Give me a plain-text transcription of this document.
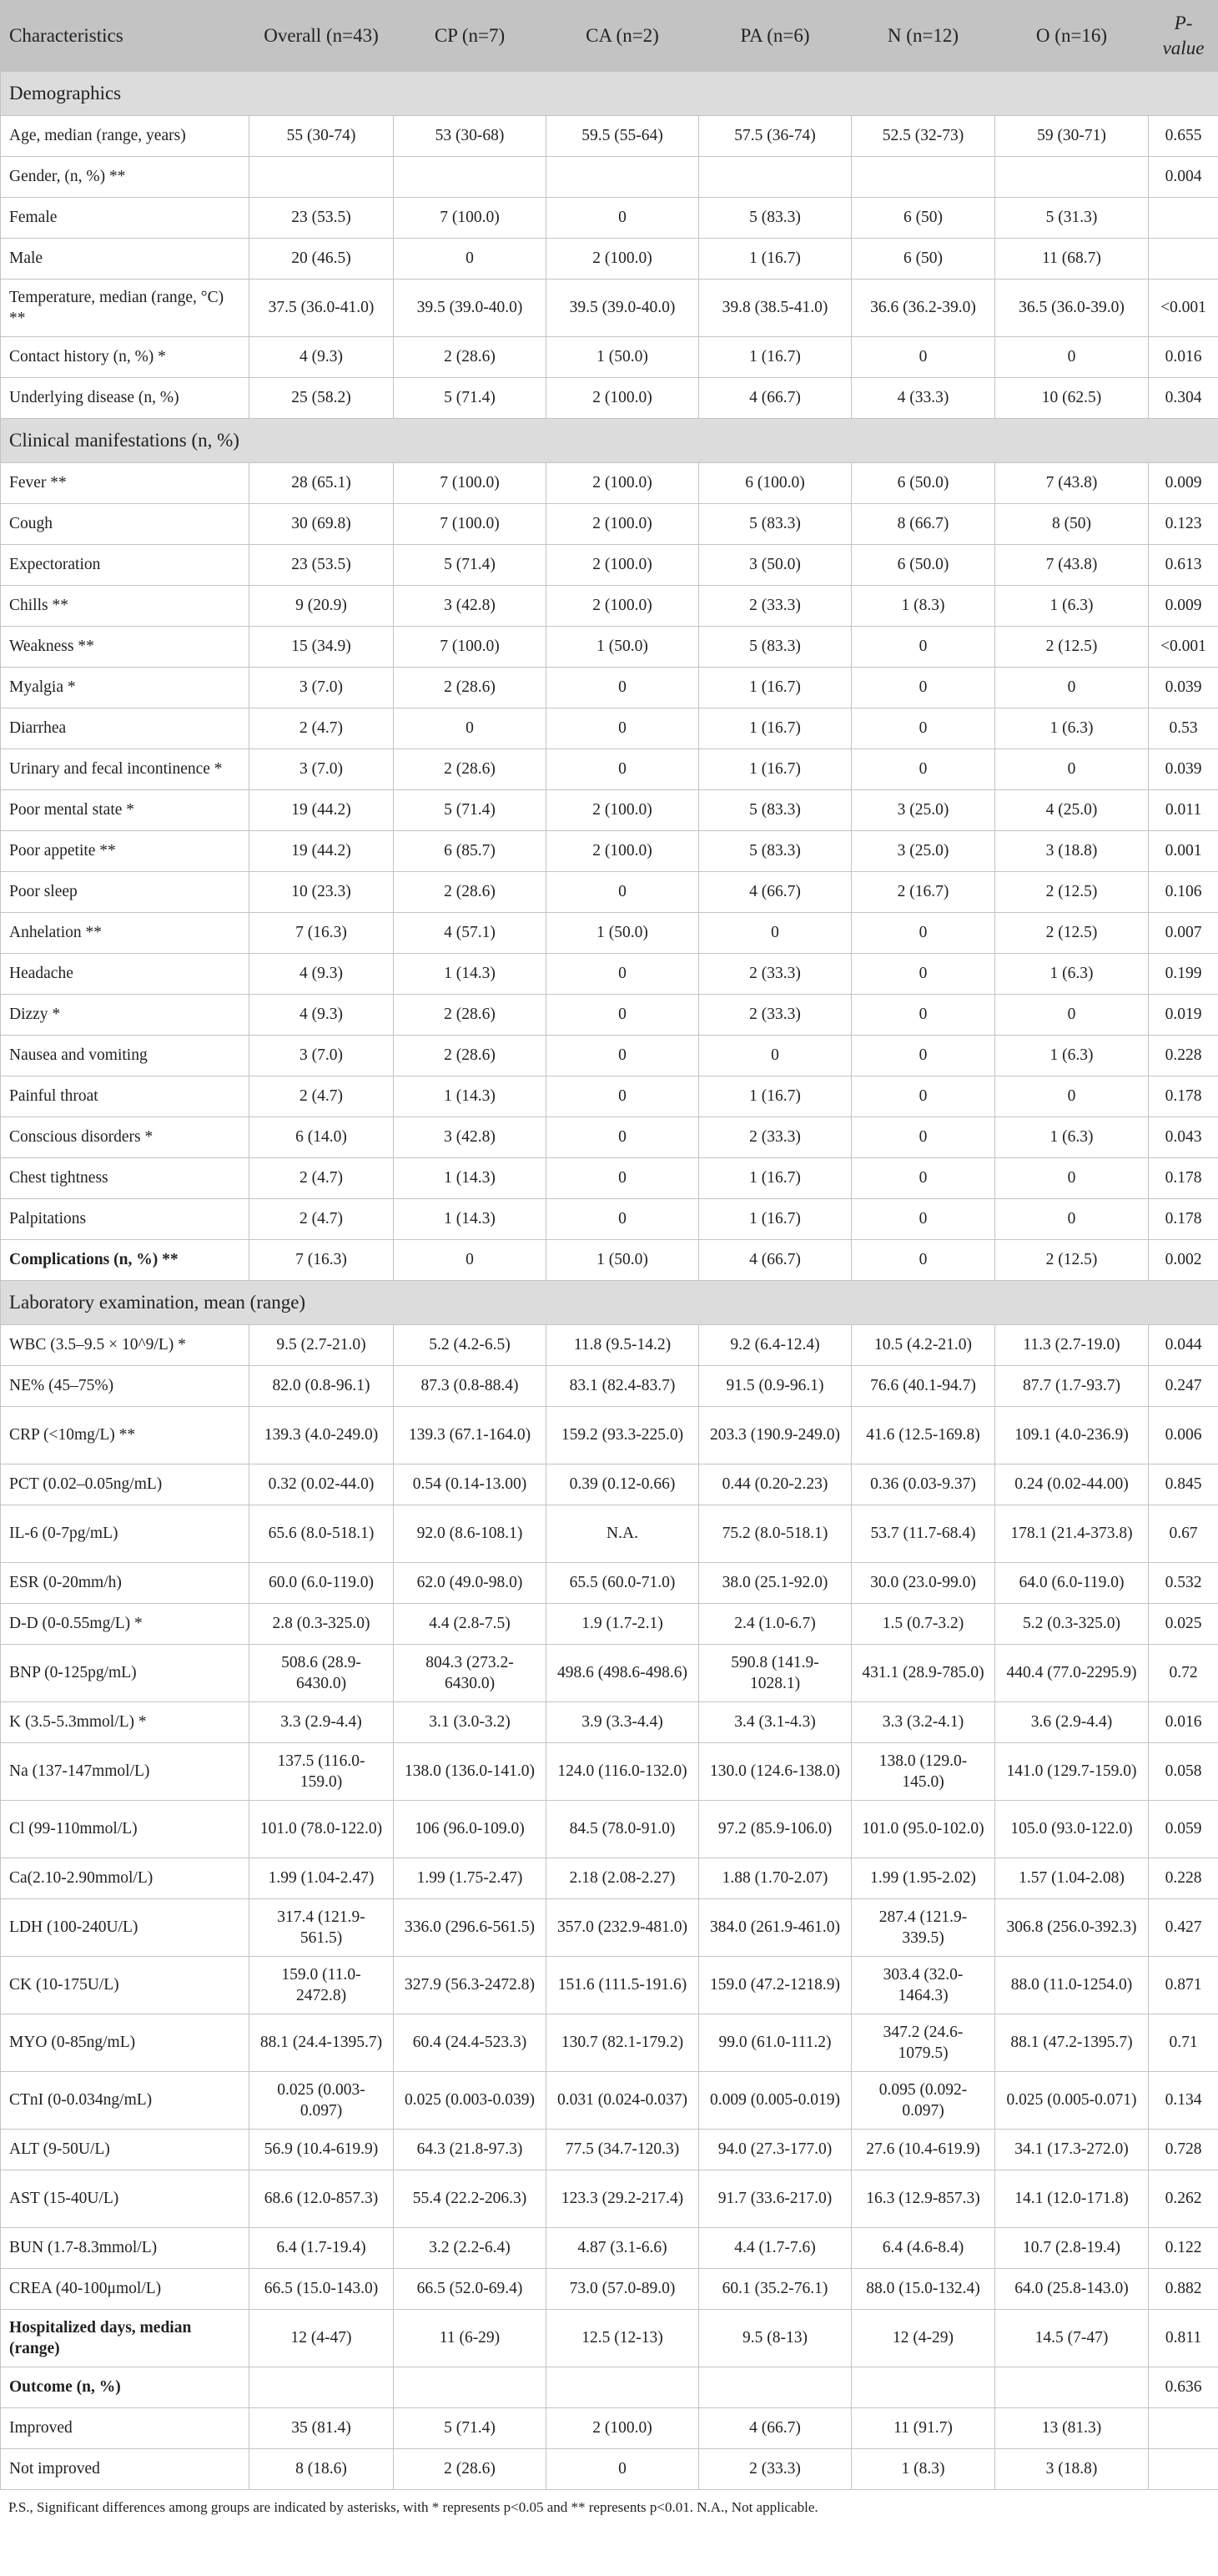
Characteristics	Overall (n=43)	CP (n=7)	CA (n=2)	PA (n=6)	N (n=12)	O (n=16)	P-value
Demographics							
Age, median (range, years)	55 (30-74)	53 (30-68)	59.5 (55-64)	57.5 (36-74)	52.5 (32-73)	59 (30-71)	0.655
Gender, (n, %) **							0.004
Female	23 (53.5)	7 (100.0)	0	5 (83.3)	6 (50)	5 (31.3)	
Male	20 (46.5)	0	2 (100.0)	1 (16.7)	6 (50)	11 (68.7)	
Temperature, median (range, °C) **	37.5 (36.0-41.0)	39.5 (39.0-40.0)	39.5 (39.0-40.0)	39.8 (38.5-41.0)	36.6 (36.2-39.0)	36.5 (36.0-39.0)	<0.001
Contact history (n, %) *	4 (9.3)	2 (28.6)	1 (50.0)	1 (16.7)	0	0	0.016
Underlying disease (n, %)	25 (58.2)	5 (71.4)	2 (100.0)	4 (66.7)	4 (33.3)	10 (62.5)	0.304
Clinical manifestations (n, %)							
Fever **	28 (65.1)	7 (100.0)	2 (100.0)	6 (100.0)	6 (50.0)	7 (43.8)	0.009
Cough	30 (69.8)	7 (100.0)	2 (100.0)	5 (83.3)	8 (66.7)	8 (50)	0.123
Expectoration	23 (53.5)	5 (71.4)	2 (100.0)	3 (50.0)	6 (50.0)	7 (43.8)	0.613
Chills **	9 (20.9)	3 (42.8)	2 (100.0)	2 (33.3)	1 (8.3)	1 (6.3)	0.009
Weakness **	15 (34.9)	7 (100.0)	1 (50.0)	5 (83.3)	0	2 (12.5)	<0.001
Myalgia *	3 (7.0)	2 (28.6)	0	1 (16.7)	0	0	0.039
Diarrhea	2 (4.7)	0	0	1 (16.7)	0	1 (6.3)	0.53
Urinary and fecal incontinence *	3 (7.0)	2 (28.6)	0	1 (16.7)	0	0	0.039
Poor mental state *	19 (44.2)	5 (71.4)	2 (100.0)	5 (83.3)	3 (25.0)	4 (25.0)	0.011
Poor appetite **	19 (44.2)	6 (85.7)	2 (100.0)	5 (83.3)	3 (25.0)	3 (18.8)	0.001
Poor sleep	10 (23.3)	2 (28.6)	0	4 (66.7)	2 (16.7)	2 (12.5)	0.106
Anhelation **	7 (16.3)	4 (57.1)	1 (50.0)	0	0	2 (12.5)	0.007
Headache	4 (9.3)	1 (14.3)	0	2 (33.3)	0	1 (6.3)	0.199
Dizzy *	4 (9.3)	2 (28.6)	0	2 (33.3)	0	0	0.019
Nausea and vomiting	3 (7.0)	2 (28.6)	0	0	0	1 (6.3)	0.228
Painful throat	2 (4.7)	1 (14.3)	0	1 (16.7)	0	0	0.178
Conscious disorders *	6 (14.0)	3 (42.8)	0	2 (33.3)	0	1 (6.3)	0.043
Chest tightness	2 (4.7)	1 (14.3)	0	1 (16.7)	0	0	0.178
Palpitations	2 (4.7)	1 (14.3)	0	1 (16.7)	0	0	0.178
Complications (n, %) **	7 (16.3)	0	1 (50.0)	4 (66.7)	0	2 (12.5)	0.002
Laboratory examination, mean (range)							
WBC (3.5–9.5 × 10^9/L) *	9.5 (2.7-21.0)	5.2 (4.2-6.5)	11.8 (9.5-14.2)	9.2 (6.4-12.4)	10.5 (4.2-21.0)	11.3 (2.7-19.0)	0.044
NE% (45–75%)	82.0 (0.8-96.1)	87.3 (0.8-88.4)	83.1 (82.4-83.7)	91.5 (0.9-96.1)	76.6 (40.1-94.7)	87.7 (1.7-93.7)	0.247
CRP (<10mg/L) **	139.3 (4.0-249.0)	139.3 (67.1-164.0)	159.2 (93.3-225.0)	203.3 (190.9-249.0)	41.6 (12.5-169.8)	109.1 (4.0-236.9)	0.006
PCT (0.02–0.05ng/mL)	0.32 (0.02-44.0)	0.54 (0.14-13.00)	0.39 (0.12-0.66)	0.44 (0.20-2.23)	0.36 (0.03-9.37)	0.24 (0.02-44.00)	0.845
IL-6 (0-7pg/mL)	65.6 (8.0-518.1)	92.0 (8.6-108.1)	N.A.	75.2 (8.0-518.1)	53.7 (11.7-68.4)	178.1 (21.4-373.8)	0.67
ESR (0-20mm/h)	60.0 (6.0-119.0)	62.0 (49.0-98.0)	65.5 (60.0-71.0)	38.0 (25.1-92.0)	30.0 (23.0-99.0)	64.0 (6.0-119.0)	0.532
D-D (0-0.55mg/L) *	2.8 (0.3-325.0)	4.4 (2.8-7.5)	1.9 (1.7-2.1)	2.4 (1.0-6.7)	1.5 (0.7-3.2)	5.2 (0.3-325.0)	0.025
BNP (0-125pg/mL)	508.6 (28.9-6430.0)	804.3 (273.2-6430.0)	498.6 (498.6-498.6)	590.8 (141.9-1028.1)	431.1 (28.9-785.0)	440.4 (77.0-2295.9)	0.72
K (3.5-5.3mmol/L) *	3.3 (2.9-4.4)	3.1 (3.0-3.2)	3.9 (3.3-4.4)	3.4 (3.1-4.3)	3.3 (3.2-4.1)	3.6 (2.9-4.4)	0.016
Na (137-147mmol/L)	137.5 (116.0-159.0)	138.0 (136.0-141.0)	124.0 (116.0-132.0)	130.0 (124.6-138.0)	138.0 (129.0-145.0)	141.0 (129.7-159.0)	0.058
Cl (99-110mmol/L)	101.0 (78.0-122.0)	106 (96.0-109.0)	84.5 (78.0-91.0)	97.2 (85.9-106.0)	101.0 (95.0-102.0)	105.0 (93.0-122.0)	0.059
Ca(2.10-2.90mmol/L)	1.99 (1.04-2.47)	1.99 (1.75-2.47)	2.18 (2.08-2.27)	1.88 (1.70-2.07)	1.99 (1.95-2.02)	1.57 (1.04-2.08)	0.228
LDH (100-240U/L)	317.4 (121.9-561.5)	336.0 (296.6-561.5)	357.0 (232.9-481.0)	384.0 (261.9-461.0)	287.4 (121.9-339.5)	306.8 (256.0-392.3)	0.427
CK (10-175U/L)	159.0 (11.0-2472.8)	327.9 (56.3-2472.8)	151.6 (111.5-191.6)	159.0 (47.2-1218.9)	303.4 (32.0-1464.3)	88.0 (11.0-1254.0)	0.871
MYO (0-85ng/mL)	88.1 (24.4-1395.7)	60.4 (24.4-523.3)	130.7 (82.1-179.2)	99.0 (61.0-111.2)	347.2 (24.6-1079.5)	88.1 (47.2-1395.7)	0.71
CTnI (0-0.034ng/mL)	0.025 (0.003-0.097)	0.025 (0.003-0.039)	0.031 (0.024-0.037)	0.009 (0.005-0.019)	0.095 (0.092-0.097)	0.025 (0.005-0.071)	0.134
ALT (9-50U/L)	56.9 (10.4-619.9)	64.3 (21.8-97.3)	77.5 (34.7-120.3)	94.0 (27.3-177.0)	27.6 (10.4-619.9)	34.1 (17.3-272.0)	0.728
AST (15-40U/L)	68.6 (12.0-857.3)	55.4 (22.2-206.3)	123.3 (29.2-217.4)	91.7 (33.6-217.0)	16.3 (12.9-857.3)	14.1 (12.0-171.8)	0.262
BUN (1.7-8.3mmol/L)	6.4 (1.7-19.4)	3.2 (2.2-6.4)	4.87 (3.1-6.6)	4.4 (1.7-7.6)	6.4 (4.6-8.4)	10.7 (2.8-19.4)	0.122
CREA (40-100μmol/L)	66.5 (15.0-143.0)	66.5 (52.0-69.4)	73.0 (57.0-89.0)	60.1 (35.2-76.1)	88.0 (15.0-132.4)	64.0 (25.8-143.0)	0.882
Hospitalized days, median (range)	12 (4-47)	11 (6-29)	12.5 (12-13)	9.5 (8-13)	12 (4-29)	14.5 (7-47)	0.811
Outcome (n, %)							0.636
Improved	35 (81.4)	5 (71.4)	2 (100.0)	4 (66.7)	11 (91.7)	13 (81.3)	
Not improved	8 (18.6)	2 (28.6)	0	2 (33.3)	1 (8.3)	3 (18.8)	
P.S., Significant differences among groups are indicated by asterisks, with * represents p<0.05 and ** represents p<0.01. N.A., Not applicable.
